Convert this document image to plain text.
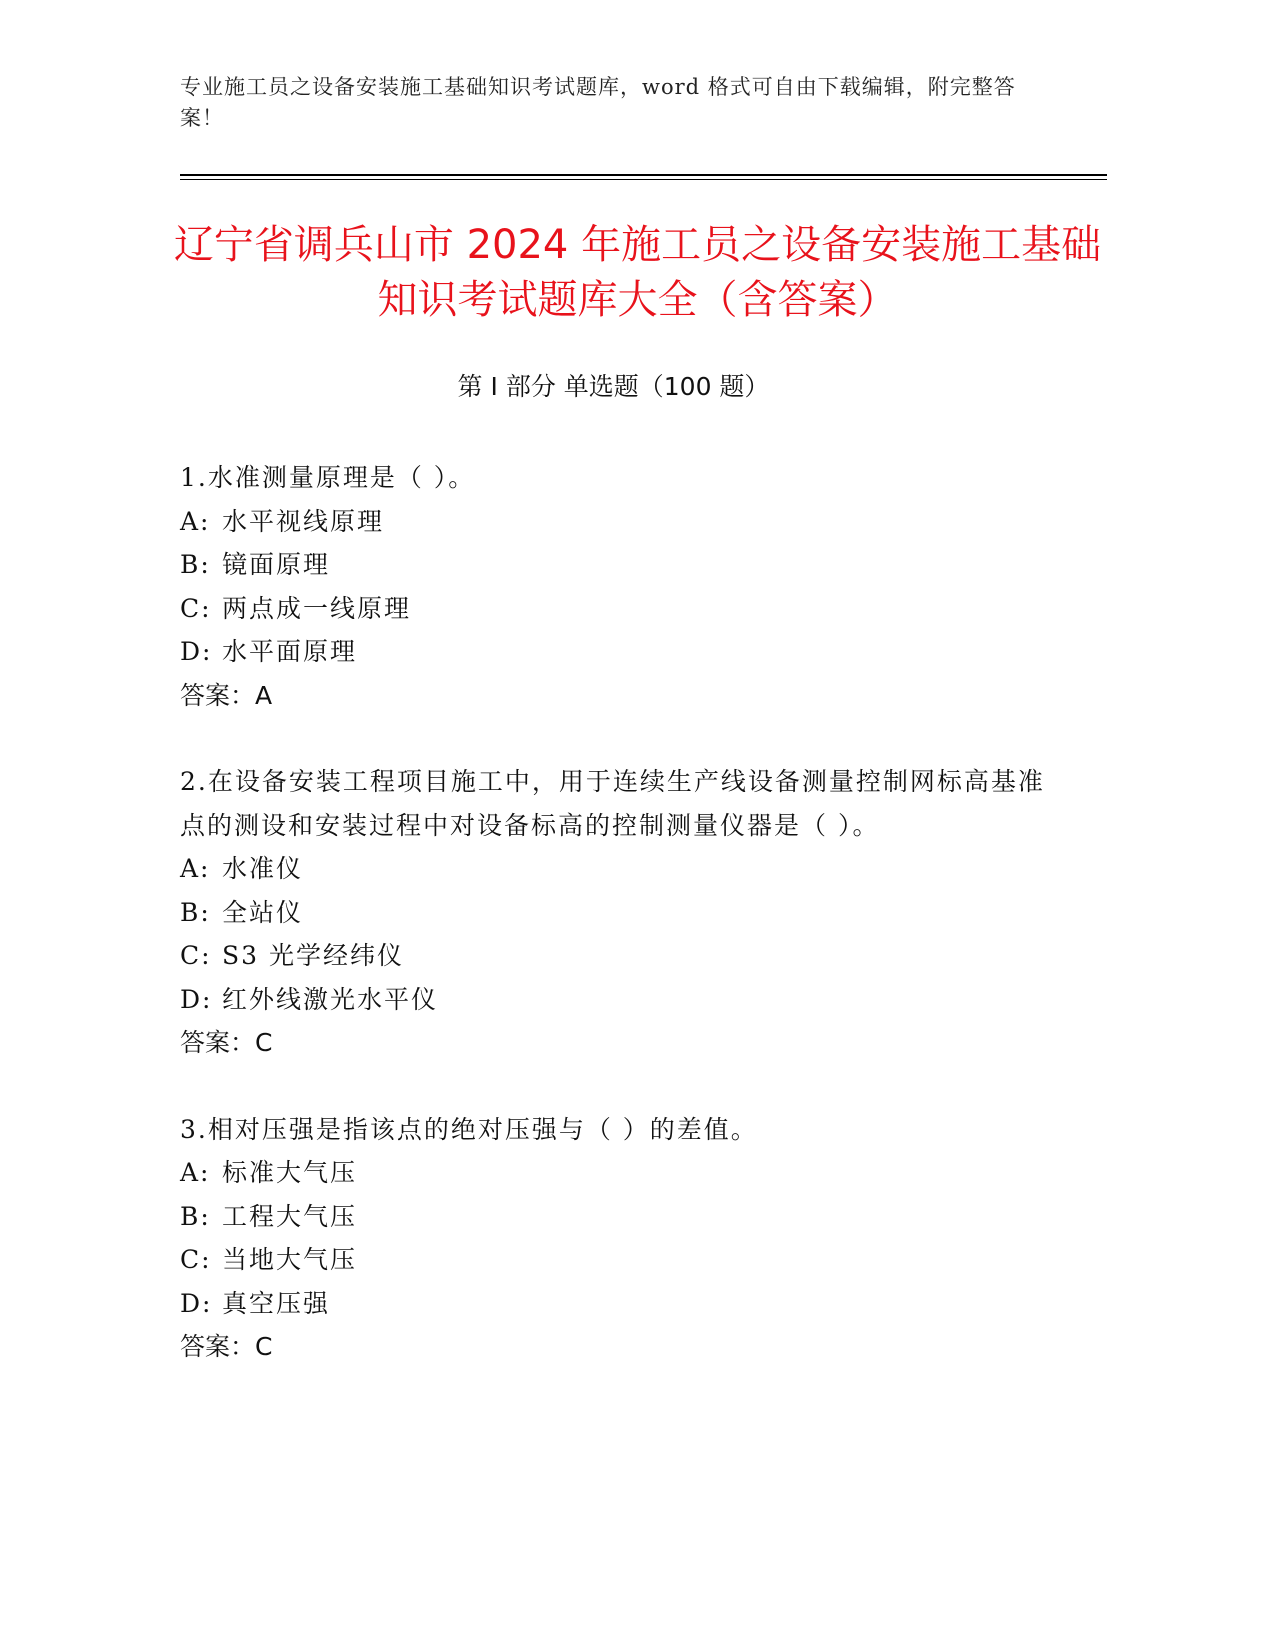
专业施工员之设备安装施工基础知识考试题库，word 格式可自由下载编辑，附完整答案！
辽宁省调兵山市 2024 年施工员之设备安装施工基础知识考试题库大全（含答案）
第 I 部分 单选题（100 题）

1.水准测量原理是（ ）。

A: 水平视线原理
B: 镜面原理
C: 两点成一线原理
D: 水平面原理
答案：A

2.在设备安装工程项目施工中，用于连续生产线设备测量控制网标高基准点的测设和安装过程中对设备标高的控制测量仪器是（ ）。

A: 水准仪
B: 全站仪
C: S3 光学经纬仪
D: 红外线激光水平仪
答案：C

3.相对压强是指该点的绝对压强与（ ）的差值。

A: 标准大气压
B: 工程大气压
C: 当地大气压
D: 真空压强
答案：C
